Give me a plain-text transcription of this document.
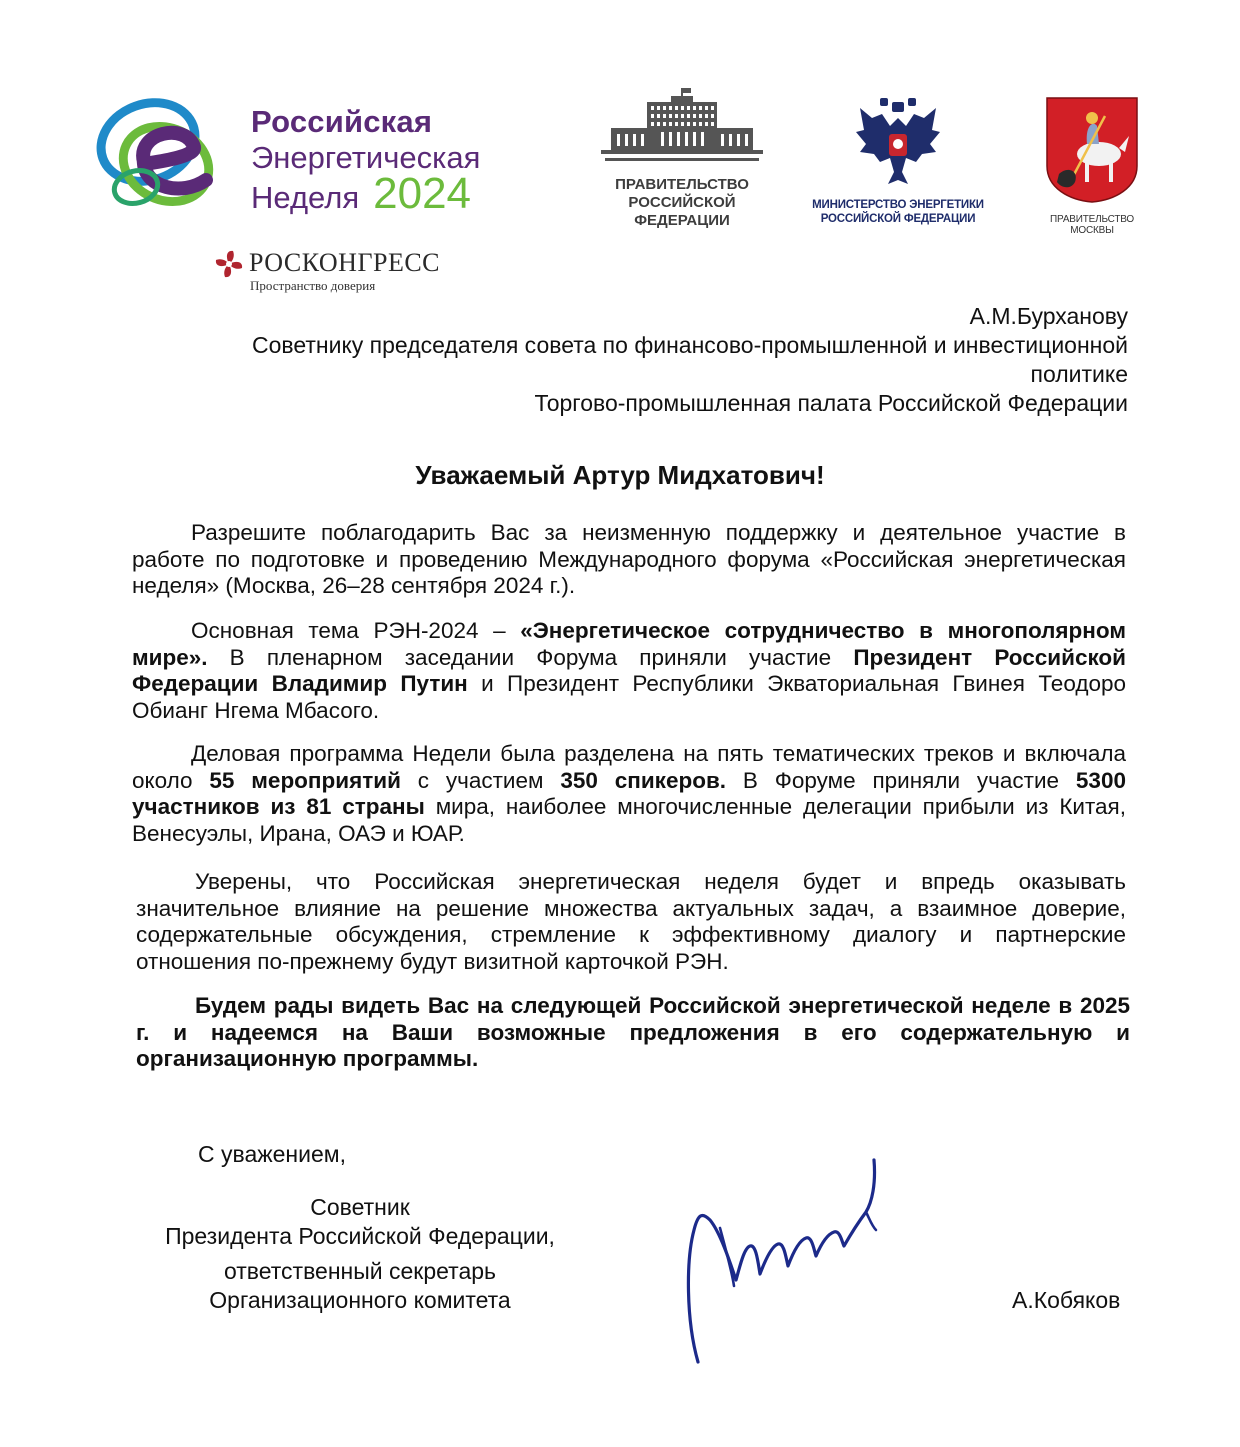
Российская
Энергетическая
Неделя 2024
РОСКОНГРЕСС
Пространство доверия
ПРАВИТЕЛЬСТВО
РОССИЙСКОЙ
ФЕДЕРАЦИИ
МИНИСТЕРСТВО ЭНЕРГЕТИКИ
РОССИЙСКОЙ ФЕДЕРАЦИИ	ПРАВИТЕЛЬСТВО МОСКВЫ
А.М.Бурханову
Советнику председателя совета по финансово-промышленной и инвестиционной
политике
Торгово-промышленная палата Российской Федерации
Уважаемый Артур Мидхатович!
Разрешите поблагодарить Вас за неизменную поддержку и деятельное участие в работе по подготовке и проведению Международного форума «Российская энергетическая неделя» (Москва, 26–28 сентября 2024 г.).
Основная тема РЭН-2024 – «Энергетическое сотрудничество в многополярном мире». В пленарном заседании Форума приняли участие Президент Российской Федерации Владимир Путин и Президент Республики Экваториальная Гвинея Теодоро Обианг Нгема Мбасого.
Деловая программа Недели была разделена на пять тематических треков и включала около 55 мероприятий с участием 350 спикеров. В Форуме приняли участие 5300 участников из 81 страны мира, наиболее многочисленные делегации прибыли из Китая, Венесуэлы, Ирана, ОАЭ и ЮАР.
Уверены, что Российская энергетическая неделя будет и впредь оказывать значительное влияние на решение множества актуальных задач, а взаимное доверие, содержательные обсуждения, стремление к эффективному диалогу и партнерские отношения по-прежнему будут визитной карточкой РЭН.
Будем рады видеть Вас на следующей Российской энергетической неделе в 2025 г. и надеемся на Ваши возможные предложения в его содержательную и организационную программы.
С уважением,
Советник
Президента Российской Федерации,
ответственный секретарь
Организационного комитета	А.Кобяков
